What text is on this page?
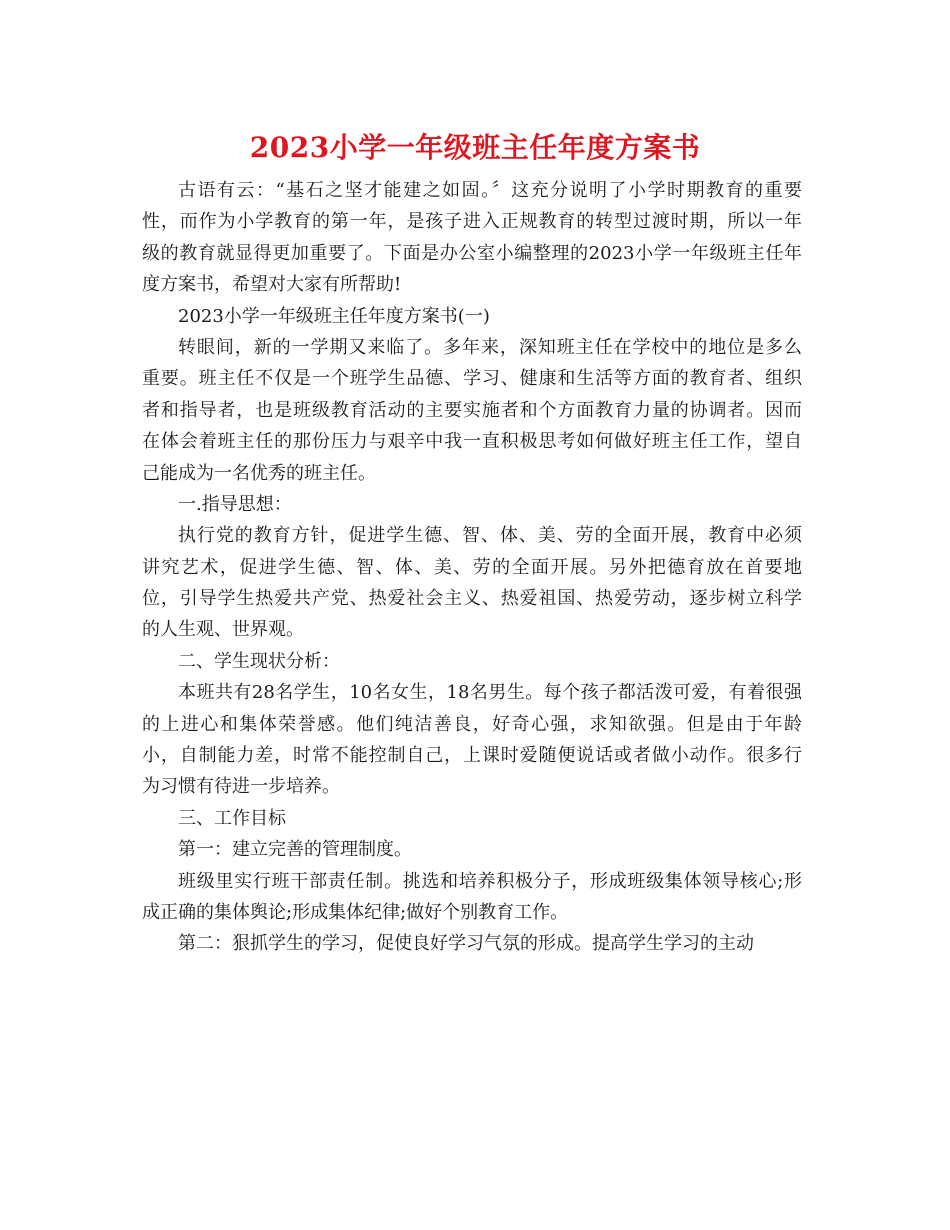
2023小学一年级班主任年度方案书
古语有云：“基石之坚才能建之如固。〞这充分说明了小学时期教育的重要
性，而作为小学教育的第一年，是孩子进入正规教育的转型过渡时期，所以一年
级的教育就显得更加重要了。下面是办公室小编整理的2023小学一年级班主任年
度方案书，希望对大家有所帮助!
2023小学一年级班主任年度方案书(一)
转眼间，新的一学期又来临了。多年来，深知班主任在学校中的地位是多么
重要。班主任不仅是一个班学生品德、学习、健康和生活等方面的教育者、组织
者和指导者，也是班级教育活动的主要实施者和个方面教育力量的协调者。因而
在体会着班主任的那份压力与艰辛中我一直积极思考如何做好班主任工作，望自
己能成为一名优秀的班主任。
一.指导思想：
执行党的教育方针，促进学生德、智、体、美、劳的全面开展，教育中必须
讲究艺术，促进学生德、智、体、美、劳的全面开展。另外把德育放在首要地
位，引导学生热爱共产党、热爱社会主义、热爱祖国、热爱劳动，逐步树立科学
的人生观、世界观。
二、学生现状分析：
本班共有28名学生，10名女生，18名男生。每个孩子都活泼可爱，有着很强
的上进心和集体荣誉感。他们纯洁善良，好奇心强，求知欲强。但是由于年龄
小，自制能力差，时常不能控制自己，上课时爱随便说话或者做小动作。很多行
为习惯有待进一步培养。
三、工作目标
第一：建立完善的管理制度。
班级里实行班干部责任制。挑选和培养积极分子，形成班级集体领导核心;形
成正确的集体舆论;形成集体纪律;做好个别教育工作。
第二：狠抓学生的学习，促使良好学习气氛的形成。提高学生学习的主动
